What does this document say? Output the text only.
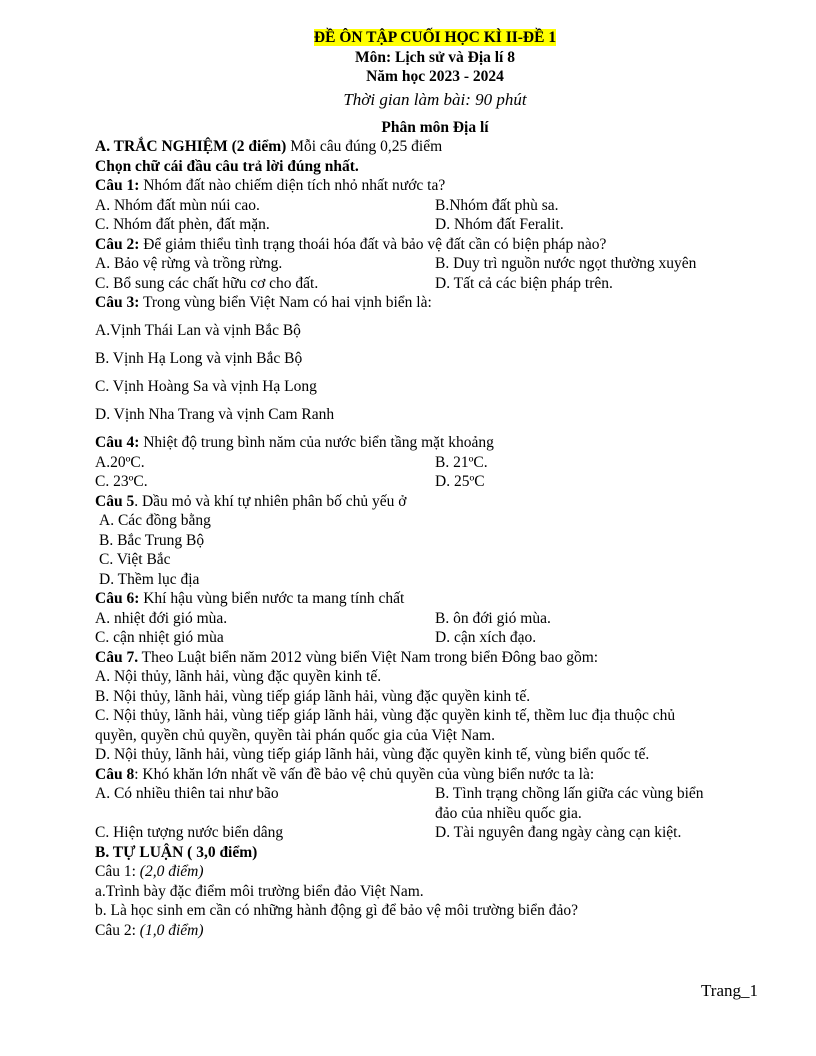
ĐỀ ÔN TẬP CUỐI HỌC KÌ II-ĐỀ 1
Môn: Lịch sử và Địa lí 8
Năm học 2023 - 2024
Thời gian làm bài: 90 phút
Phân môn Địa lí
A. TRẮC NGHIỆM (2 điểm) Mỗi câu đúng 0,25 điểm
Chọn chữ cái đầu câu trả lời đúng nhất.
Câu 1: Nhóm đất nào chiếm diện tích nhỏ nhất nước ta?
A. Nhóm đất mùn núi cao.	B.Nhóm đất phù sa.
C. Nhóm đất phèn, đất mặn.	D. Nhóm đất Feralit.
Câu 2: Để giảm thiểu tình trạng thoái hóa đất và bảo vệ đất cần có biện pháp nào?
A. Bảo vệ rừng và trồng rừng.	B. Duy trì nguồn nước ngọt thường xuyên
C. Bổ sung các chất hữu cơ cho đất.	D. Tất cả các biện pháp trên.
Câu 3: Trong vùng biển Việt Nam có hai vịnh biển là:
A.Vịnh Thái Lan và vịnh Bắc Bộ
B. Vịnh Hạ Long và vịnh Bắc Bộ
C. Vịnh Hoàng Sa và vịnh Hạ Long
D. Vịnh Nha Trang và vịnh Cam Ranh
Câu 4: Nhiệt độ trung bình năm của nước biển tầng mặt khoảng
A.20ºC.	B. 21ºC.
C. 23ºC.	D. 25ºC
Câu 5. Dầu mỏ và khí tự nhiên phân bố chủ yếu ở
A. Các đồng bằng
B. Bắc Trung Bộ
C. Việt Bắc
D. Thềm lục địa
Câu 6: Khí hậu vùng biển nước ta mang tính chất
A. nhiệt đới gió mùa.	B. ôn đới gió mùa.
C. cận nhiệt gió mùa	D. cận xích đạo.
Câu 7. Theo Luật biển năm 2012 vùng biển Việt Nam trong biển Đông bao gồm:
A. Nội thủy, lãnh hải, vùng đặc quyền kinh tế.
B. Nội thủy, lãnh hải, vùng tiếp giáp lãnh hải, vùng đặc quyền kinh tế.
C. Nội thủy, lãnh hải, vùng tiếp giáp lãnh hải, vùng đặc quyền kinh tế, thềm luc địa thuộc chủ
quyền, quyền chủ quyền, quyền tài phán quốc gia của Việt Nam.
D. Nội thủy, lãnh hải, vùng tiếp giáp lãnh hải, vùng đặc quyền kinh tế, vùng biển quốc tế.
Câu 8: Khó khăn lớn nhất về vấn đề bảo vệ chủ quyền của vùng biển nước ta là:
A. Có nhiều thiên tai như bão	B. Tình trạng chồng lấn giữa các vùng biển
đảo của nhiều quốc gia.
C. Hiện tượng nước biển dâng	D. Tài nguyên đang ngày càng cạn kiệt.
B. TỰ LUẬN ( 3,0 điểm)
Câu 1: (2,0 điểm)
a.Trình bày đặc điểm môi trường biển đảo Việt Nam.
b. Là học sinh em cần có những hành động gì để bảo vệ môi trường biển đảo?
Câu 2: (1,0 điểm)
Trang_1
